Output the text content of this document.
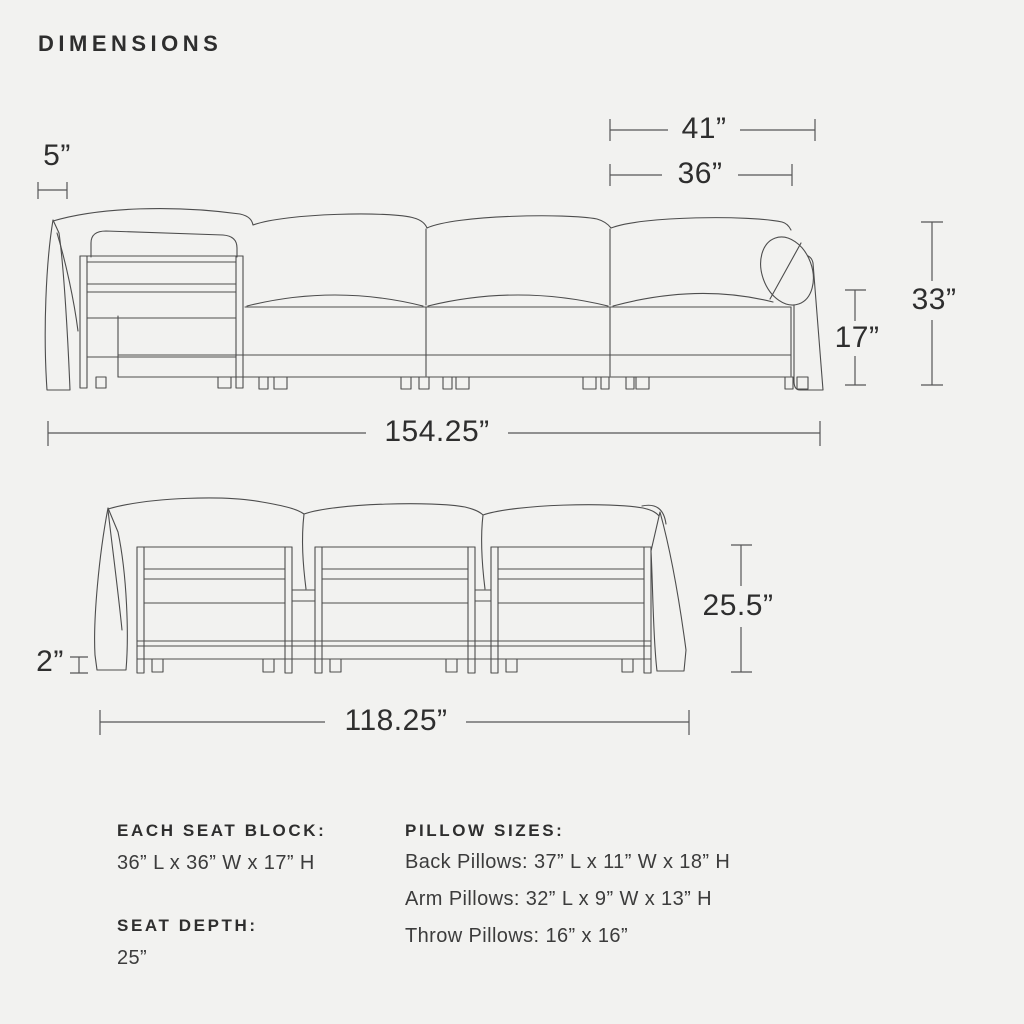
DIMENSIONS
5”
41”
36”
33”
17”
154.25”
25.5”
2”
118.25”
EACH SEAT BLOCK:
36” L x 36” W x 17” H
SEAT DEPTH:
25”
PILLOW SIZES:
Back Pillows: 37” L x 11” W x 18” H
Arm Pillows: 32” L x 9” W x 13” H
Throw Pillows: 16” x 16”
